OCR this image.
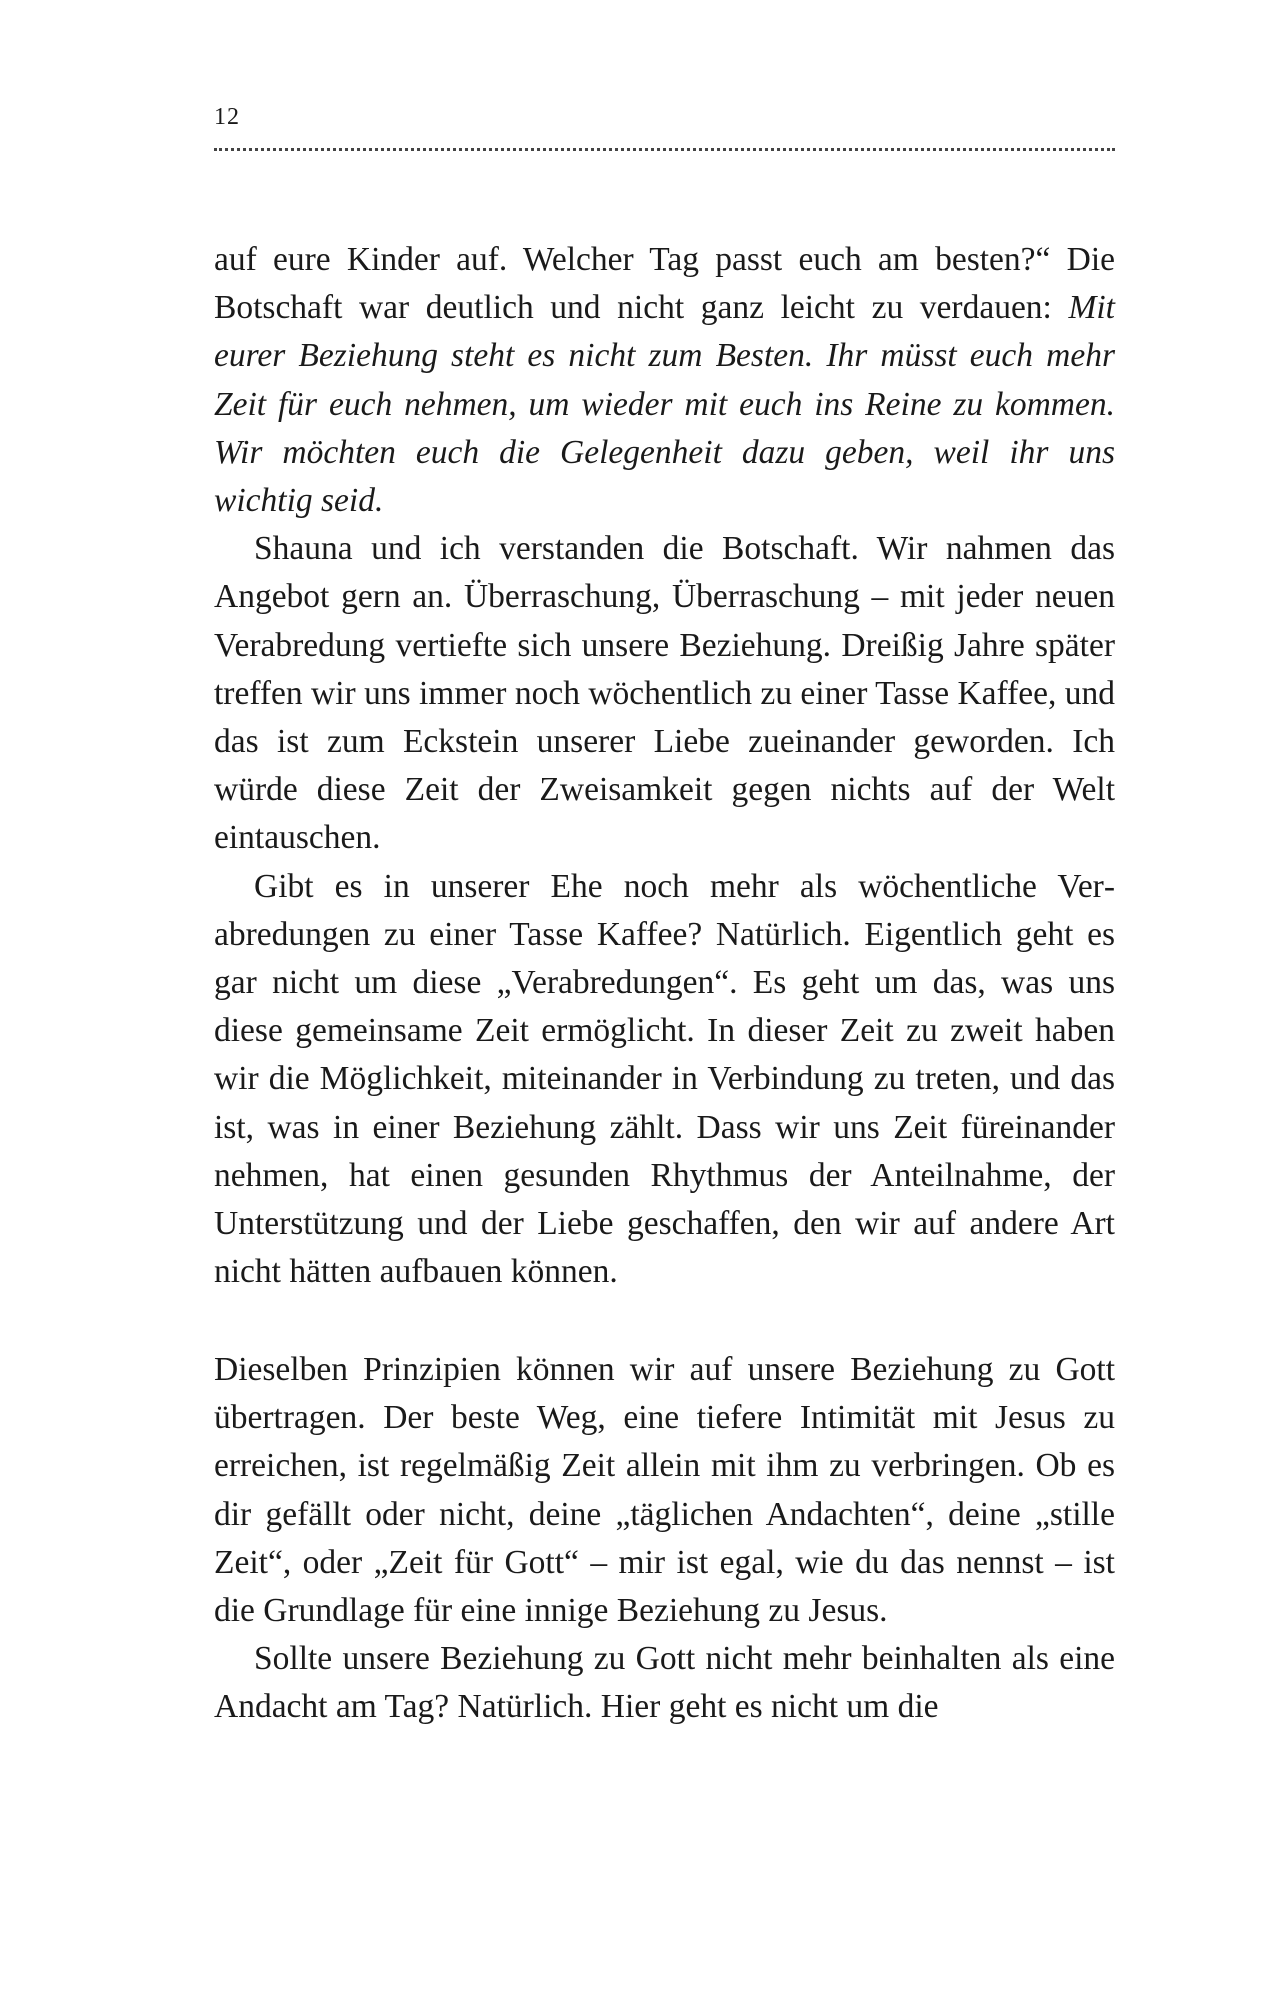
12

auf eure Kinder auf. Welcher Tag passt euch am besten?“ Die Botschaft war deutlich und nicht ganz leicht zu verdauen: Mit eurer Beziehung steht es nicht zum Besten. Ihr müsst euch mehr Zeit für euch nehmen, um wieder mit euch ins Reine zu kommen. Wir möchten euch die Gelegenheit dazu geben, weil ihr uns wichtig seid.

Shauna und ich verstanden die Botschaft. Wir nahmen das Angebot gern an. Überraschung, Überraschung – mit jeder neuen Verabredung vertiefte sich unsere Beziehung. Dreißig Jahre später treffen wir uns immer noch wöchentlich zu einer Tasse Kaffee, und das ist zum Eckstein unserer Liebe zueinander geworden. Ich würde diese Zeit der Zweisamkeit gegen nichts auf der Welt eintauschen.

Gibt es in unserer Ehe noch mehr als wöchentliche Verabredungen zu einer Tasse Kaffee? Natürlich. Eigentlich geht es gar nicht um diese „Verabredungen“. Es geht um das, was uns diese gemeinsame Zeit ermöglicht. In dieser Zeit zu zweit haben wir die Möglichkeit, miteinander in Verbindung zu treten, und das ist, was in einer Beziehung zählt. Dass wir uns Zeit füreinander nehmen, hat einen gesunden Rhythmus der Anteilnahme, der Unterstützung und der Liebe geschaffen, den wir auf andere Art nicht hätten aufbauen können.

Dieselben Prinzipien können wir auf unsere Beziehung zu Gott übertragen. Der beste Weg, eine tiefere Intimität mit Jesus zu erreichen, ist regelmäßig Zeit allein mit ihm zu verbringen. Ob es dir gefällt oder nicht, deine „täglichen Andachten“, deine „stille Zeit“, oder „Zeit für Gott“ – mir ist egal, wie du das nennst – ist die Grundlage für eine innige Beziehung zu Jesus.

Sollte unsere Beziehung zu Gott nicht mehr beinhalten als eine Andacht am Tag? Natürlich. Hier geht es nicht um die
